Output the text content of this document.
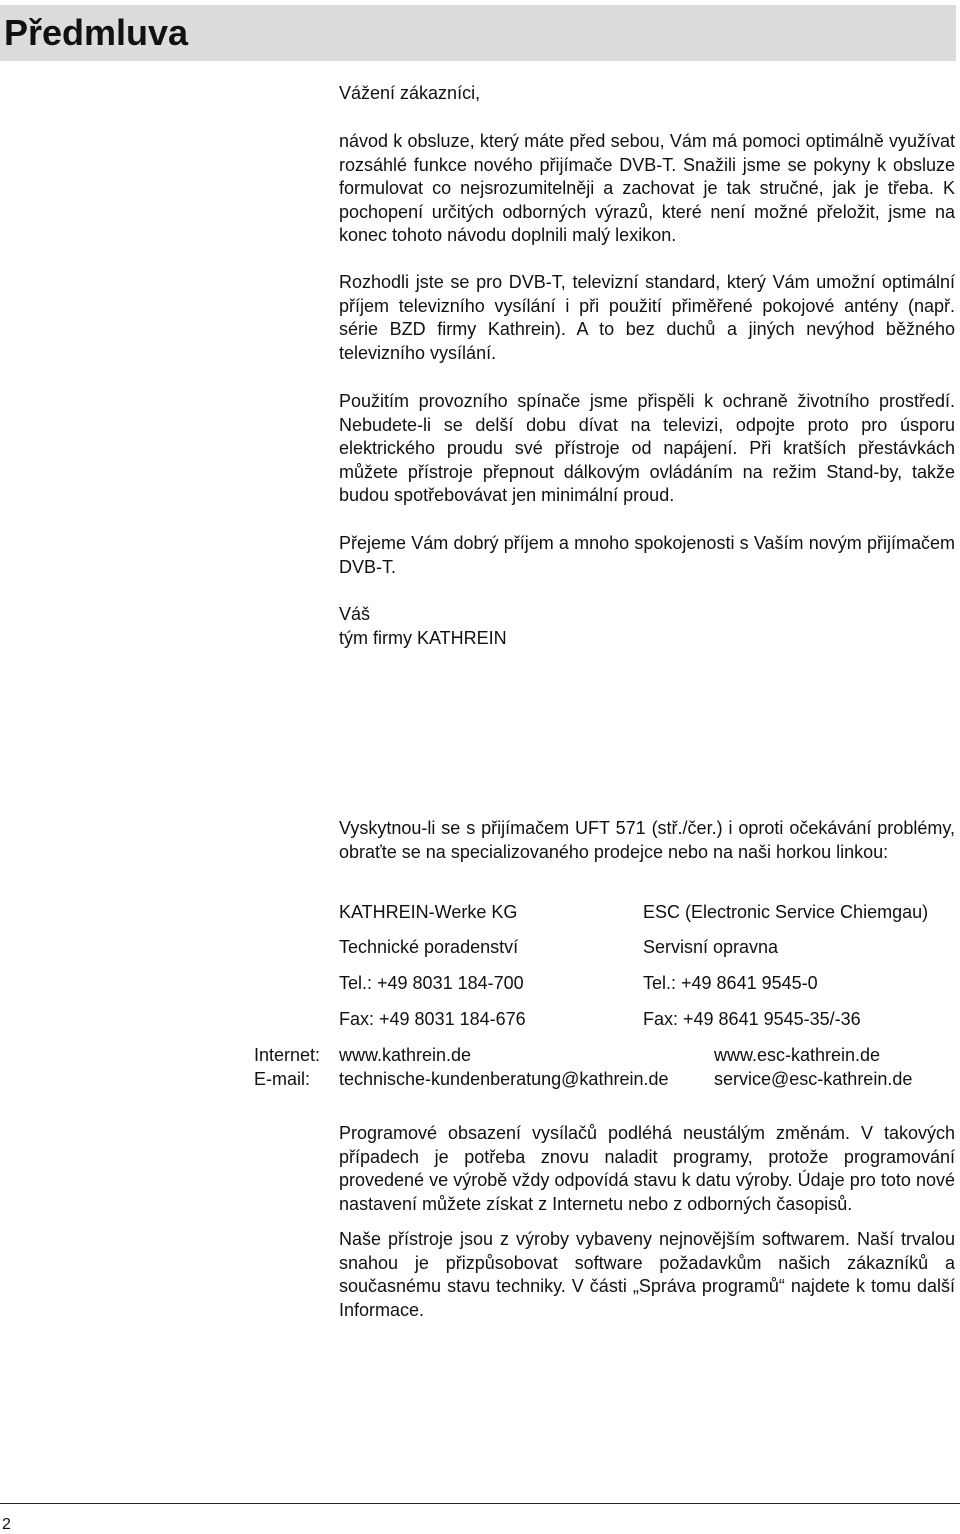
Předmluva
Vážení zákazníci,

návod k obsluze, který máte před sebou, Vám má pomoci optimálně využívat rozsáhlé funkce nového přijímače DVB-T. Snažili jsme se pokyny k obsluze formulovat co nejsrozumitelněji a zachovat je tak stručné, jak je třeba. K pochopení určitých odborných výrazů, které není možné přeložit, jsme na konec tohoto návodu doplnili malý lexikon.

Rozhodli jste se pro DVB-T, televizní standard, který Vám umožní optimální příjem televizního vysílání i při použití přiměřené pokojové antény (např. série BZD firmy Kathrein). A to bez duchů a jiných nevýhod běžného televizního vysílání.

Použitím provozního spínače jsme přispěli k ochraně životního prostředí. Nebudete-li se delší dobu dívat na televizi, odpojte proto pro úsporu elektrického proudu své přístroje od napájení. Při kratších přestávkách můžete přístroje přepnout dálkovým ovládáním na režim Stand-by, takže budou spotřebovávat jen minimální proud.

Přejeme Vám dobrý příjem a mnoho spokojenosti s Vaším novým přijímačem DVB-T.

Váš
tým firmy KATHREIN

Vyskytnou-li se s přijímačem UFT 571 (stř./čer.) i oproti očekávání problémy, obraťte se na specializovaného prodejce nebo na naši horkou linkou:

KATHREIN-Werke KG	ESC (Electronic Service Chiemgau)
Technické poradenství	Servisní opravna
Tel.: +49 8031 184-700	Tel.: +49 8641 9545-0
Fax: +49 8031 184-676	Fax: +49 8641 9545-35/-36
Internet: www.kathrein.de	www.esc-kathrein.de
E-mail: technische-kundenberatung@kathrein.de	service@esc-kathrein.de

Programové obsazení vysílačů podléhá neustálým změnám. V takových případech je potřeba znovu naladit programy, protože programování provedené ve výrobě vždy odpovídá stavu k datu výroby. Údaje pro toto nové nastavení můžete získat z Internetu nebo z odborných časopisů.

Naše přístroje jsou z výroby vybaveny nejnovějším softwarem. Naší trvalou snahou je přizpůsobovat software požadavkům našich zákazníků a současnému stavu techniky. V části „Správa programů“ najdete k tomu další Informace.

2
